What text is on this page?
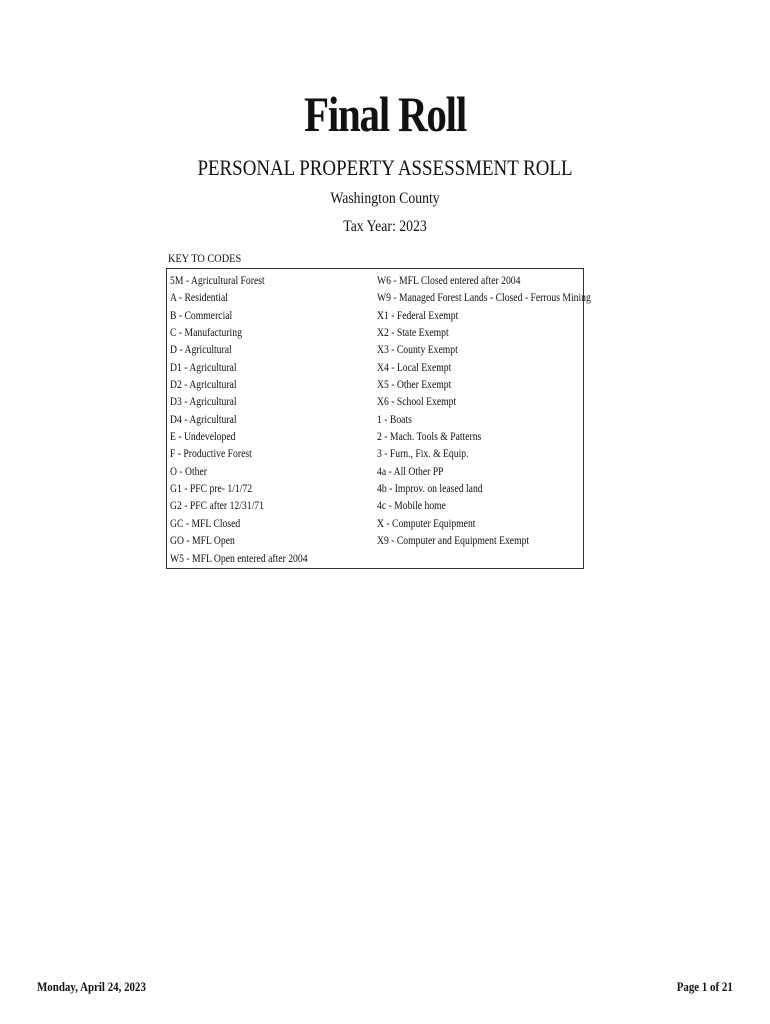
Final Roll
PERSONAL PROPERTY ASSESSMENT ROLL
Washington County
Tax Year: 2023
KEY TO CODES
5M - Agricultural Forest
A - Residential
B - Commercial
C - Manufacturing
D - Agricultural
D1 - Agricultural
D2 - Agricultural
D3 - Agricultural
D4 - Agricultural
E - Undeveloped
F - Productive Forest
O - Other
G1 - PFC pre- 1/1/72
G2 - PFC after 12/31/71
GC - MFL Closed
GO - MFL Open
W5 - MFL Open entered after 2004
W6 - MFL Closed entered after 2004
W9 - Managed Forest Lands - Closed - Ferrous Mining
X1 - Federal Exempt
X2 - State Exempt
X3 - County Exempt
X4 - Local Exempt
X5 - Other Exempt
X6 - School Exempt
1 - Boats
2 - Mach. Tools & Patterns
3 - Furn., Fix. & Equip.
4a - All Other PP
4b - Improv. on leased land
4c - Mobile home
X - Computer Equipment
X9 - Computer and Equipment Exempt
Monday, April 24, 2023	Page 1 of 21
